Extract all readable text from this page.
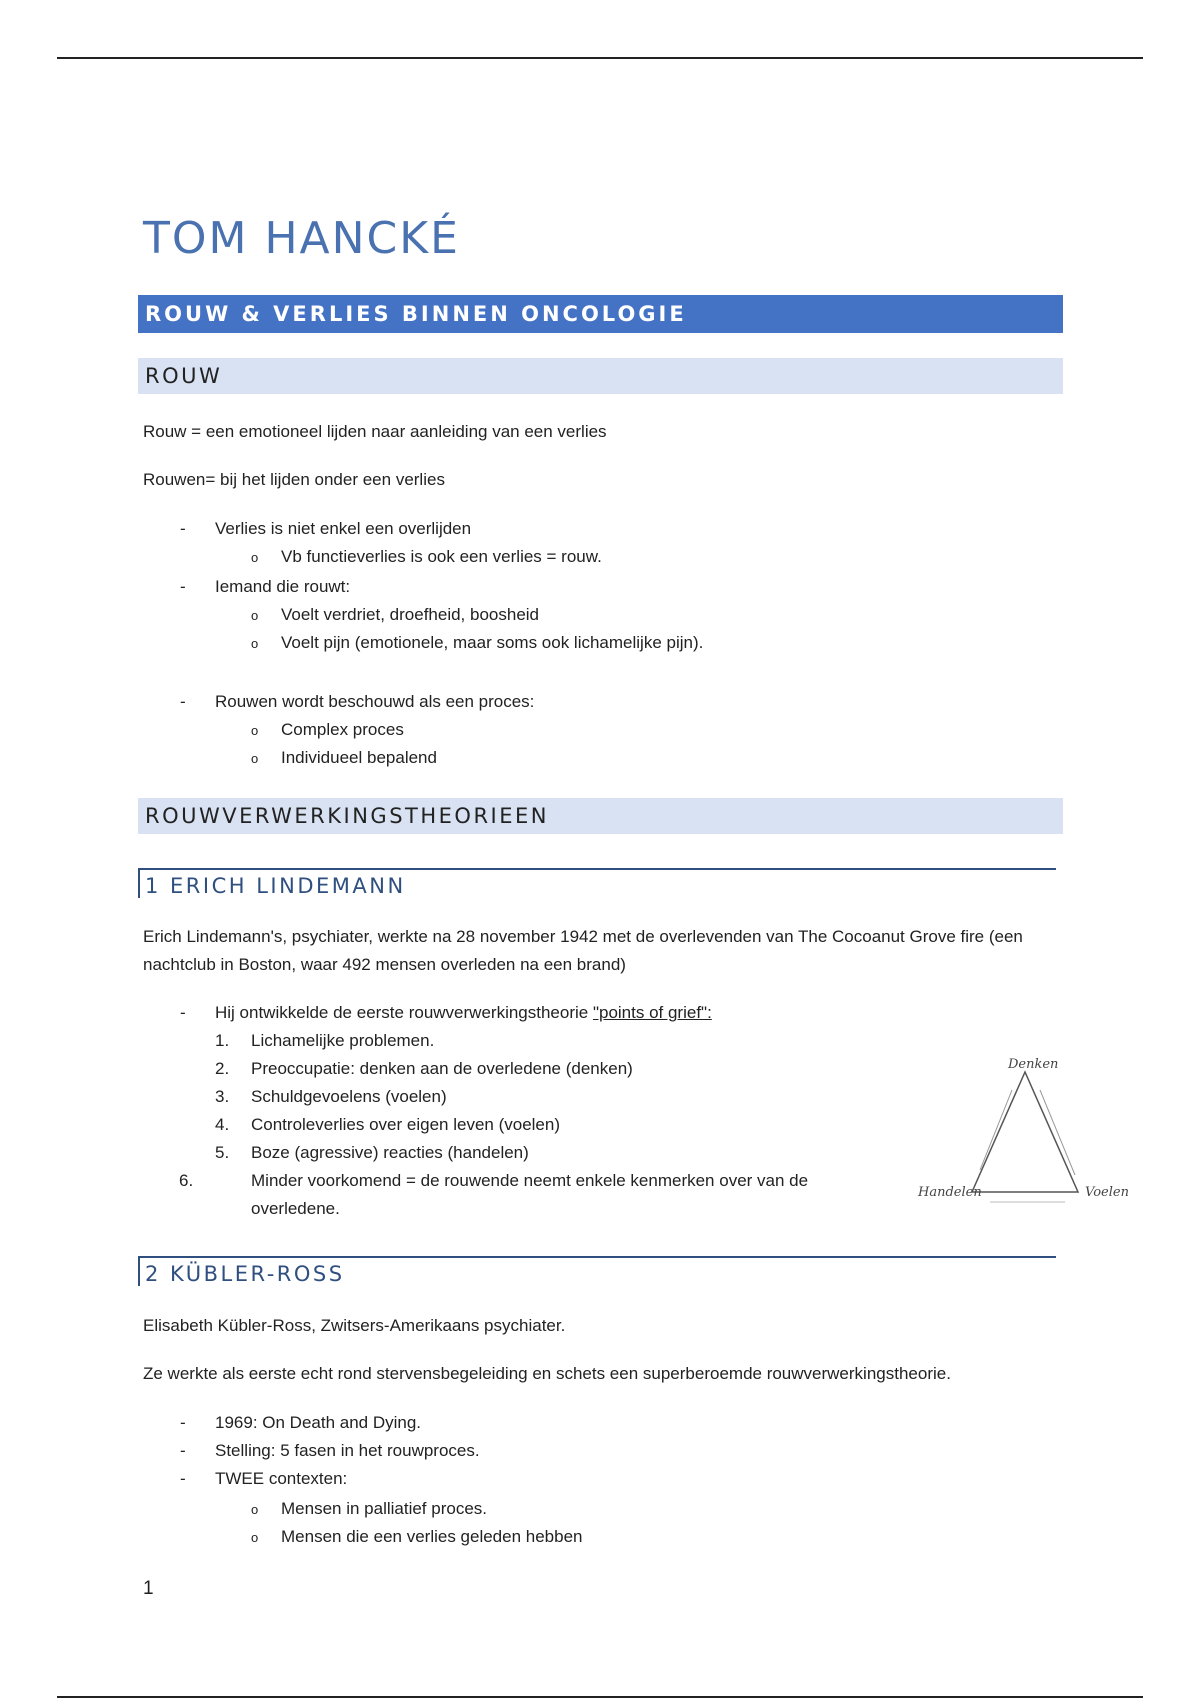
TOM HANCKÉ
ROUW & VERLIES BINNEN ONCOLOGIE
ROUW
Rouw = een emotioneel lijden naar aanleiding van een verlies
Rouwen= bij het lijden onder een verlies
- Verlies is niet enkel een overlijden
o Vb functieverlies is ook een verlies = rouw.
- Iemand die rouwt:
o Voelt verdriet, droefheid, boosheid
o Voelt pijn (emotionele, maar soms ook lichamelijke pijn).
- Rouwen wordt beschouwd als een proces:
o Complex proces
o Individueel bepalend
ROUWVERWERKINGSTHEORIEEN
1 ERICH LINDEMANN
Erich Lindemann's, psychiater, werkte na 28 november 1942 met de overlevenden van The Cocoanut Grove fire (een nachtclub in Boston, waar 492 mensen overleden na een brand)
- Hij ontwikkelde de eerste rouwverwerkingstheorie "points of grief":
1. Lichamelijke problemen.
2. Preoccupatie: denken aan de overledene (denken)
3. Schuldgevoelens (voelen)
4. Controleverlies over eigen leven (voelen)
5. Boze (agressive) reacties (handelen)
6.	Minder voorkomend = de rouwende neemt enkele kenmerken over van de overledene.
2 KÜBLER-ROSS
Elisabeth Kübler-Ross, Zwitsers-Amerikaans psychiater.
Ze werkte als eerste echt rond stervensbegeleiding en schets een superberoemde rouwverwerkingstheorie.
- 1969: On Death and Dying.
- Stelling: 5 fasen in het rouwproces.
- TWEE contexten:
o Mensen in palliatief proces.
o Mensen die een verlies geleden hebben
1
Denken
Handelen	Voelen
